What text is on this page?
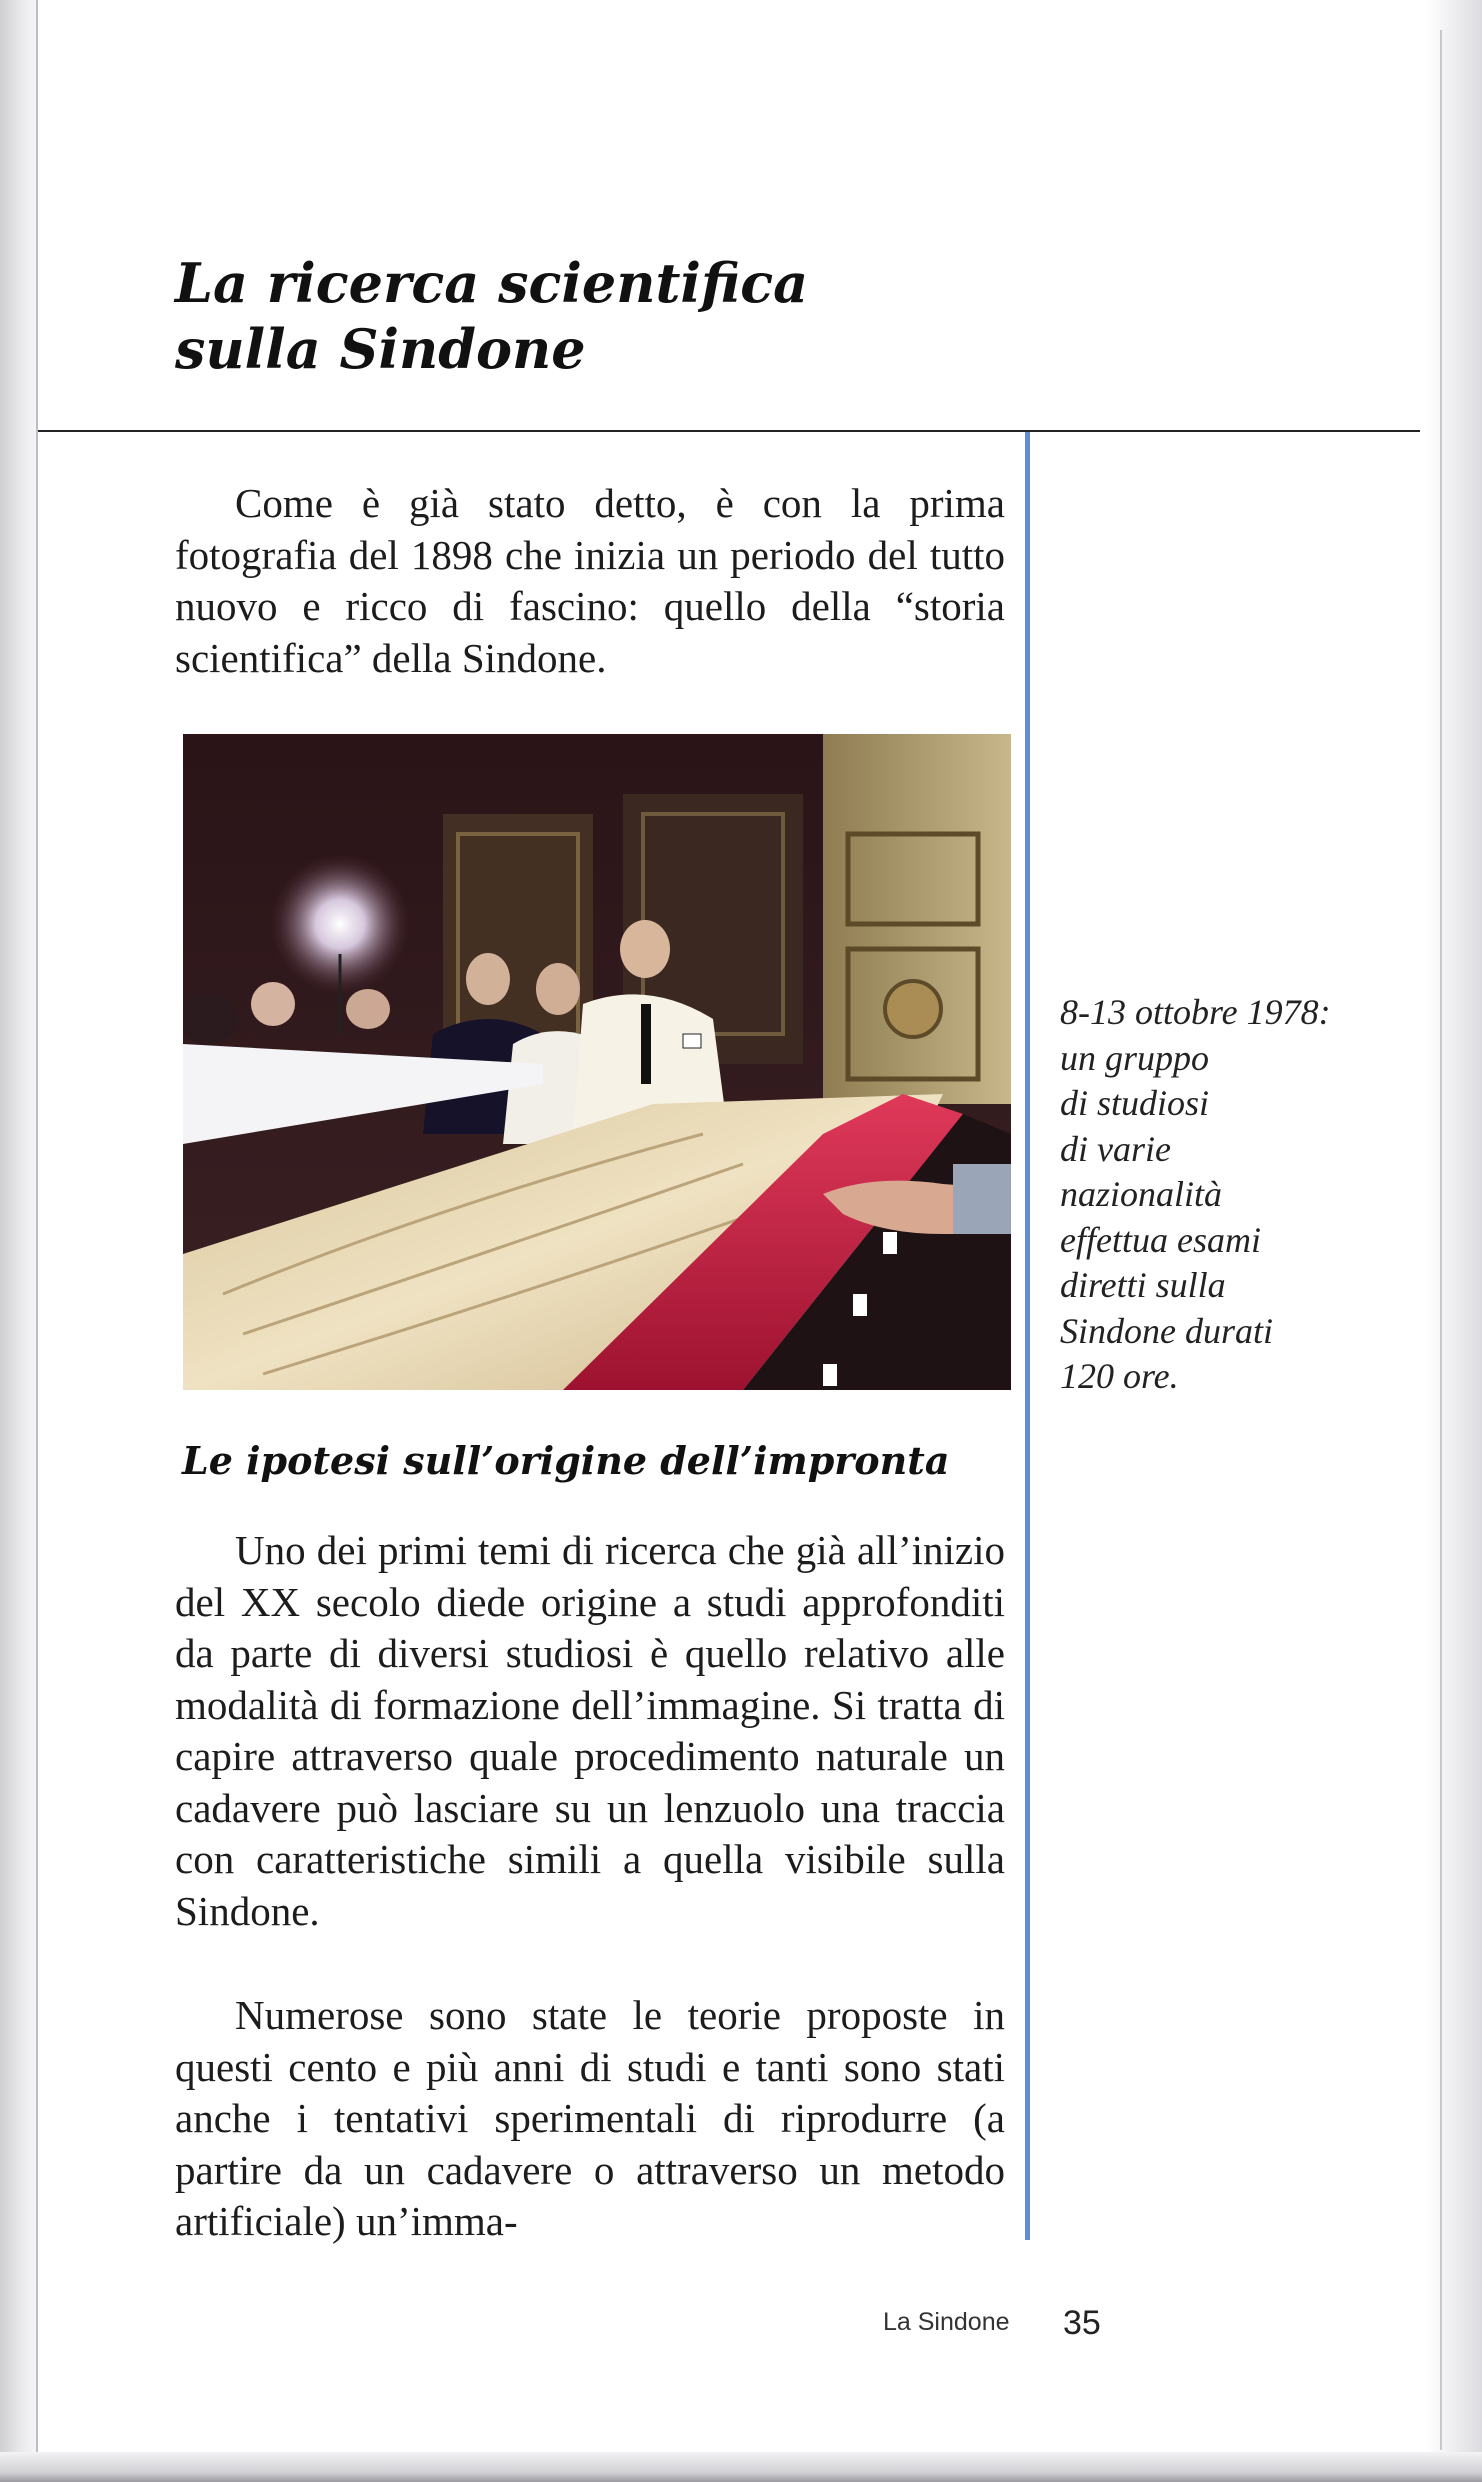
La ricerca scientifica
sulla Sindone

Come è già stato detto, è con la prima fotografia del 1898 che inizia un periodo del tutto nuovo e ricco di fascino: quello della “storia scientifica” della Sindone.

Le ipotesi sull’origine dell’impronta

Uno dei primi temi di ricerca che già all’inizio del XX secolo diede origine a studi approfonditi da parte di diversi studiosi è quello relativo alle modalità di formazione dell’immagine. Si tratta di capire attraverso quale procedimento naturale un cadavere può lasciare su un lenzuolo una traccia con caratteristiche simili a quella visibile sulla Sindone.

Numerose sono state le teorie proposte in questi cento e più anni di studi e tanti sono stati anche i tentativi sperimentali di riprodurre (a partire da un cadavere o attraverso un metodo artificiale) un’imma-

8-13 ottobre 1978:
un gruppo
di studiosi
di varie
nazionalità
effettua esami
diretti sulla
Sindone durati
120 ore.

La Sindone 35
